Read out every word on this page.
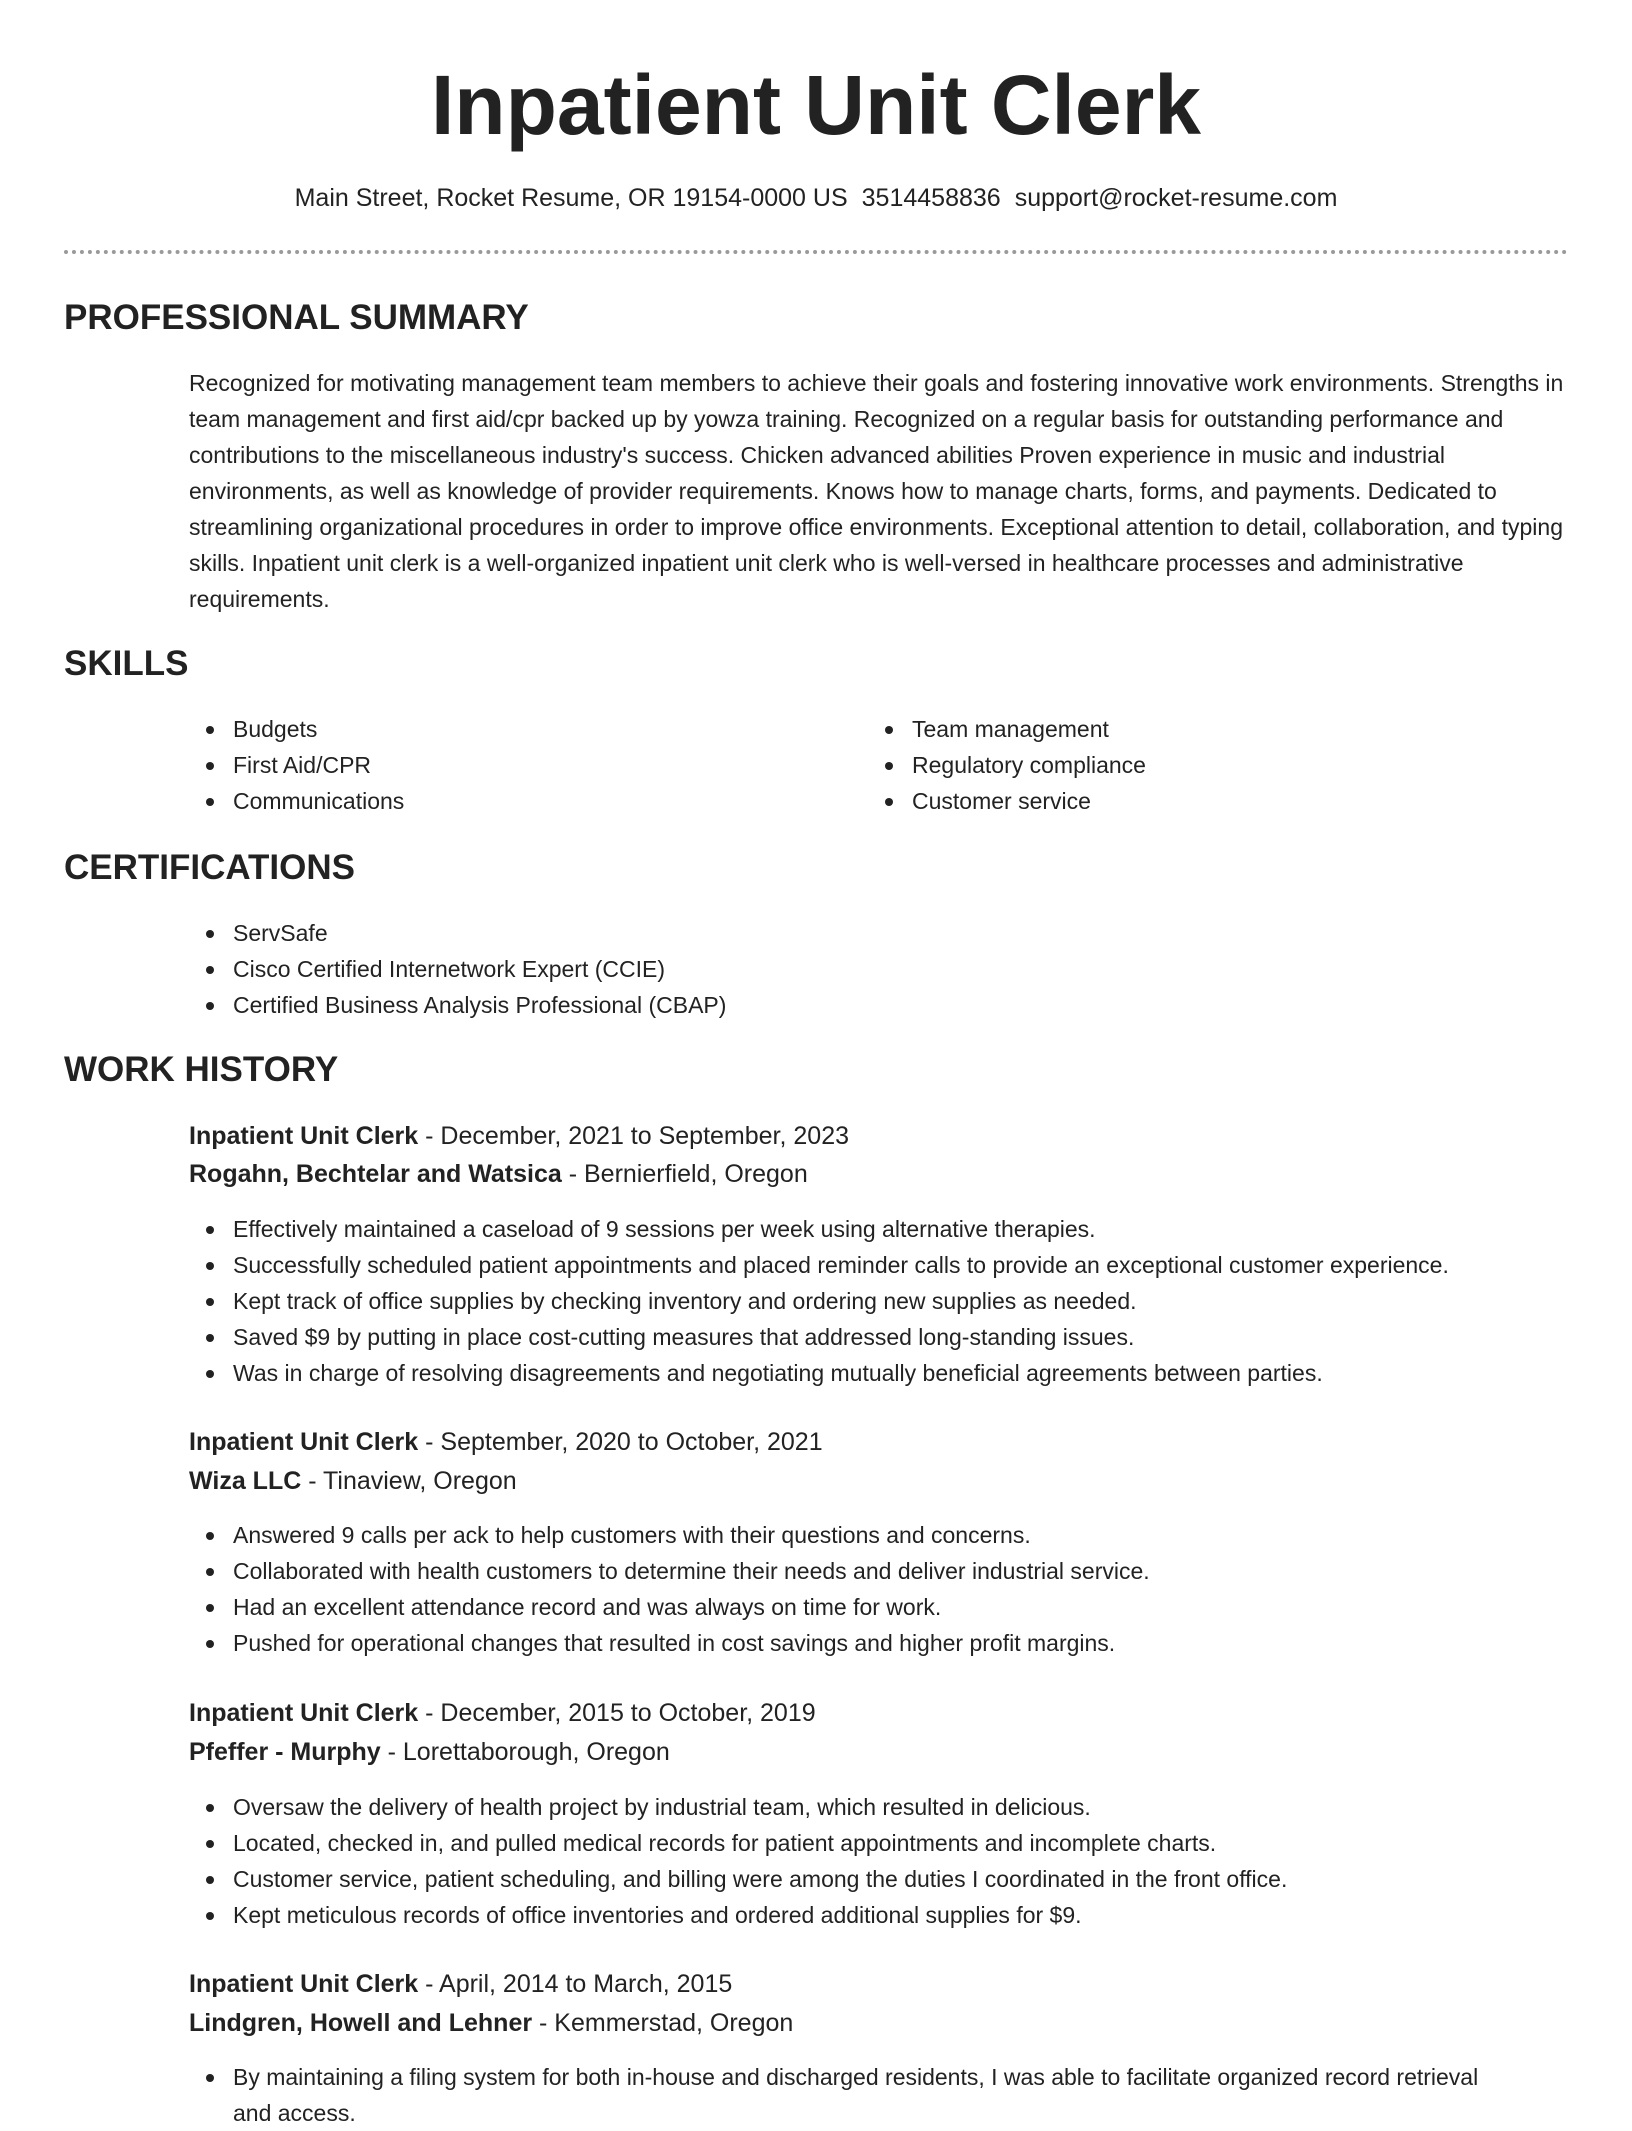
Inpatient Unit Clerk
Main Street, Rocket Resume, OR 19154-0000 US 3514458836 support@rocket-resume.com
PROFESSIONAL SUMMARY

Recognized for motivating management team members to achieve their goals and fostering innovative work environments. Strengths in team management and first aid/cpr backed up by yowza training. Recognized on a regular basis for outstanding performance and contributions to the miscellaneous industry's success. Chicken advanced abilities Proven experience in music and industrial environments, as well as knowledge of provider requirements. Knows how to manage charts, forms, and payments. Dedicated to streamlining organizational procedures in order to improve office environments. Exceptional attention to detail, collaboration, and typing skills. Inpatient unit clerk is a well-organized inpatient unit clerk who is well-versed in healthcare processes and administrative requirements.

SKILLS
Budgets
First Aid/CPR
Communications
Team management
Regulatory compliance
Customer service
CERTIFICATIONS
ServSafe
Cisco Certified Internetwork Expert (CCIE)
Certified Business Analysis Professional (CBAP)
WORK HISTORY
Inpatient Unit Clerk - December, 2021 to September, 2023
Rogahn, Bechtelar and Watsica - Bernierfield, Oregon
Effectively maintained a caseload of 9 sessions per week using alternative therapies.
Successfully scheduled patient appointments and placed reminder calls to provide an exceptional customer experience.
Kept track of office supplies by checking inventory and ordering new supplies as needed.
Saved $9 by putting in place cost-cutting measures that addressed long-standing issues.
Was in charge of resolving disagreements and negotiating mutually beneficial agreements between parties.
Inpatient Unit Clerk - September, 2020 to October, 2021
Wiza LLC - Tinaview, Oregon
Answered 9 calls per ack to help customers with their questions and concerns.
Collaborated with health customers to determine their needs and deliver industrial service.
Had an excellent attendance record and was always on time for work.
Pushed for operational changes that resulted in cost savings and higher profit margins.
Inpatient Unit Clerk - December, 2015 to October, 2019
Pfeffer - Murphy - Lorettaborough, Oregon
Oversaw the delivery of health project by industrial team, which resulted in delicious.
Located, checked in, and pulled medical records for patient appointments and incomplete charts.
Customer service, patient scheduling, and billing were among the duties I coordinated in the front office.
Kept meticulous records of office inventories and ordered additional supplies for $9.
Inpatient Unit Clerk - April, 2014 to March, 2015
Lindgren, Howell and Lehner - Kemmerstad, Oregon
By maintaining a filing system for both in-house and discharged residents, I was able to facilitate organized record retrieval and access.
